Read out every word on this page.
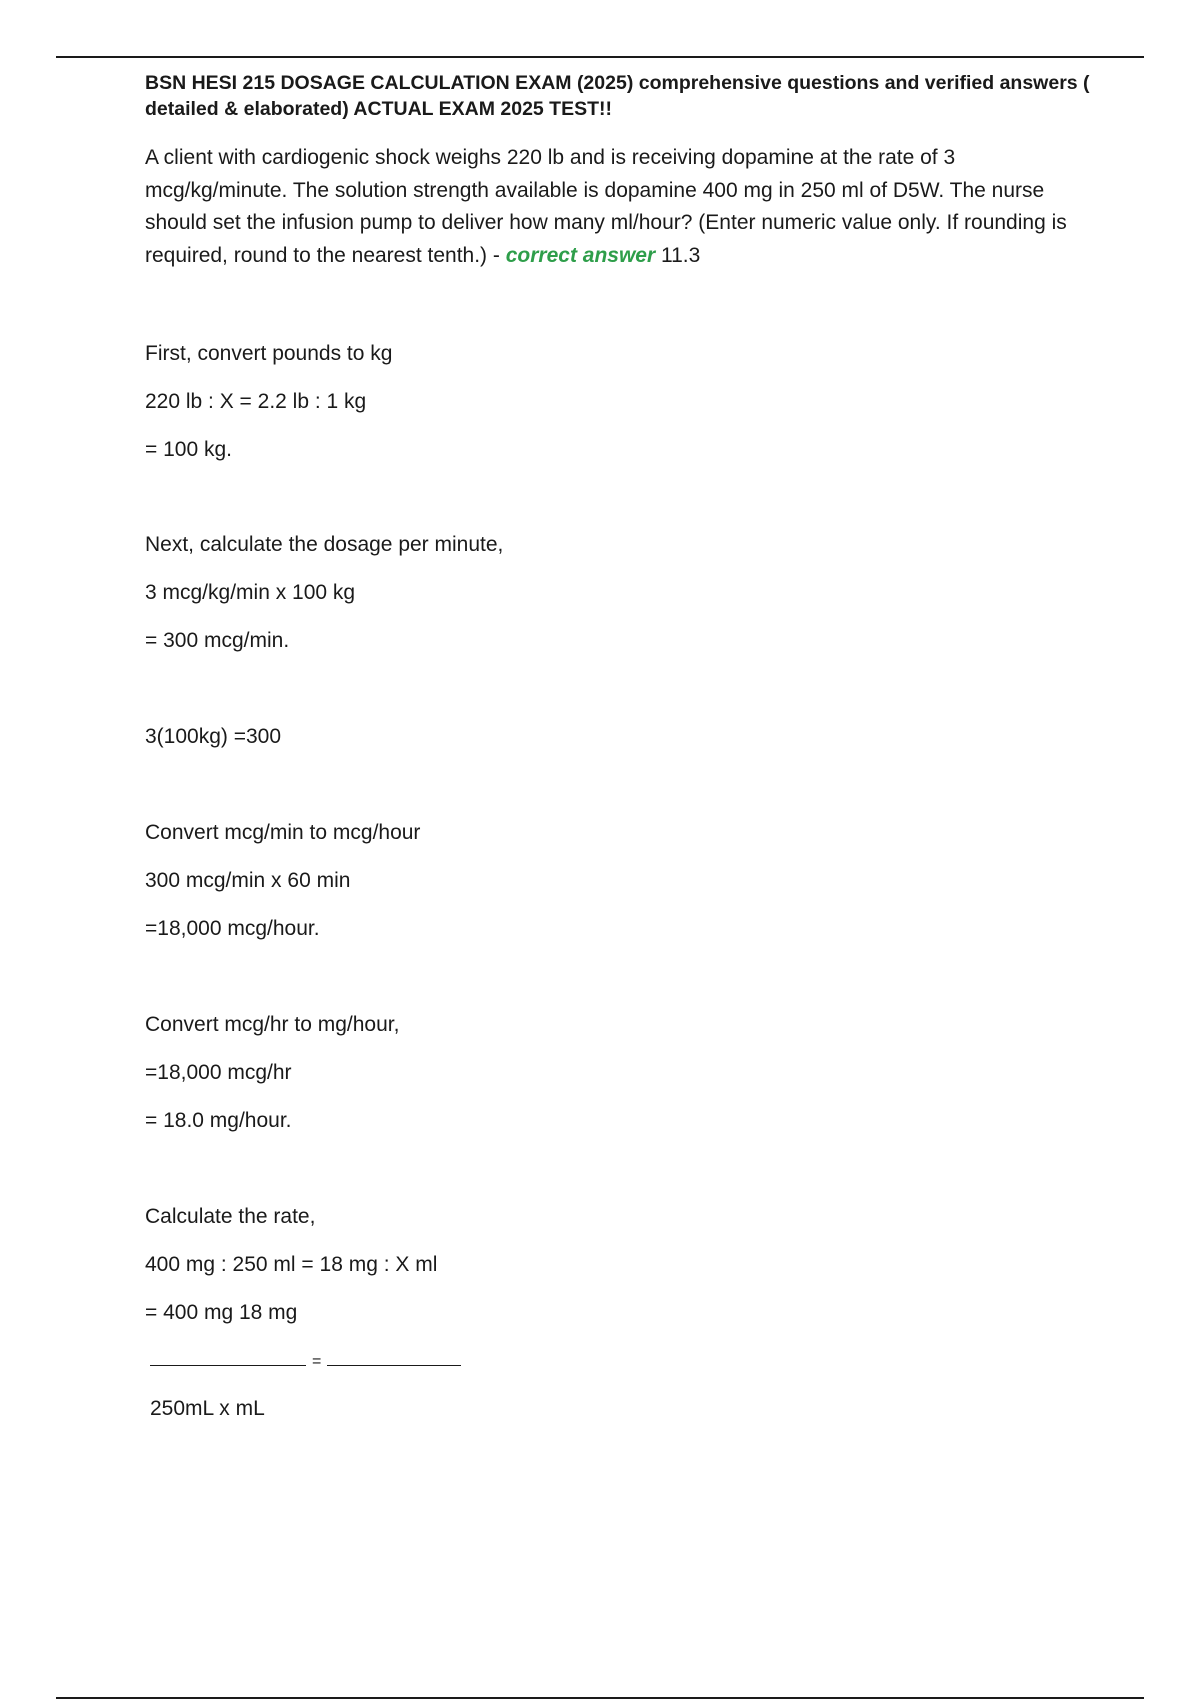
BSN HESI 215 DOSAGE CALCULATION EXAM (2025) comprehensive questions and verified answers ( detailed & elaborated) ACTUAL EXAM 2025 TEST!!

A client with cardiogenic shock weighs 220 lb and is receiving dopamine at the rate of 3 mcg/kg/minute. The solution strength available is dopamine 400 mg in 250 ml of D5W. The nurse should set the infusion pump to deliver how many ml/hour? (Enter numeric value only. If rounding is required, round to the nearest tenth.) - correct answer 11.3

First, convert pounds to kg

220 lb : X = 2.2 lb : 1 kg

= 100 kg.

Next, calculate the dosage per minute,

3 mcg/kg/min x 100 kg

= 300 mcg/min.

3(100kg) =300

Convert mcg/min to mcg/hour

300 mcg/min x 60 min

=18,000 mcg/hour.

Convert mcg/hr to mg/hour,

=18,000 mcg/hr

= 18.0 mg/hour.

Calculate the rate,

400 mg : 250 ml = 18 mg : X ml

= 400 mg 18 mg

=

250mL x mL
